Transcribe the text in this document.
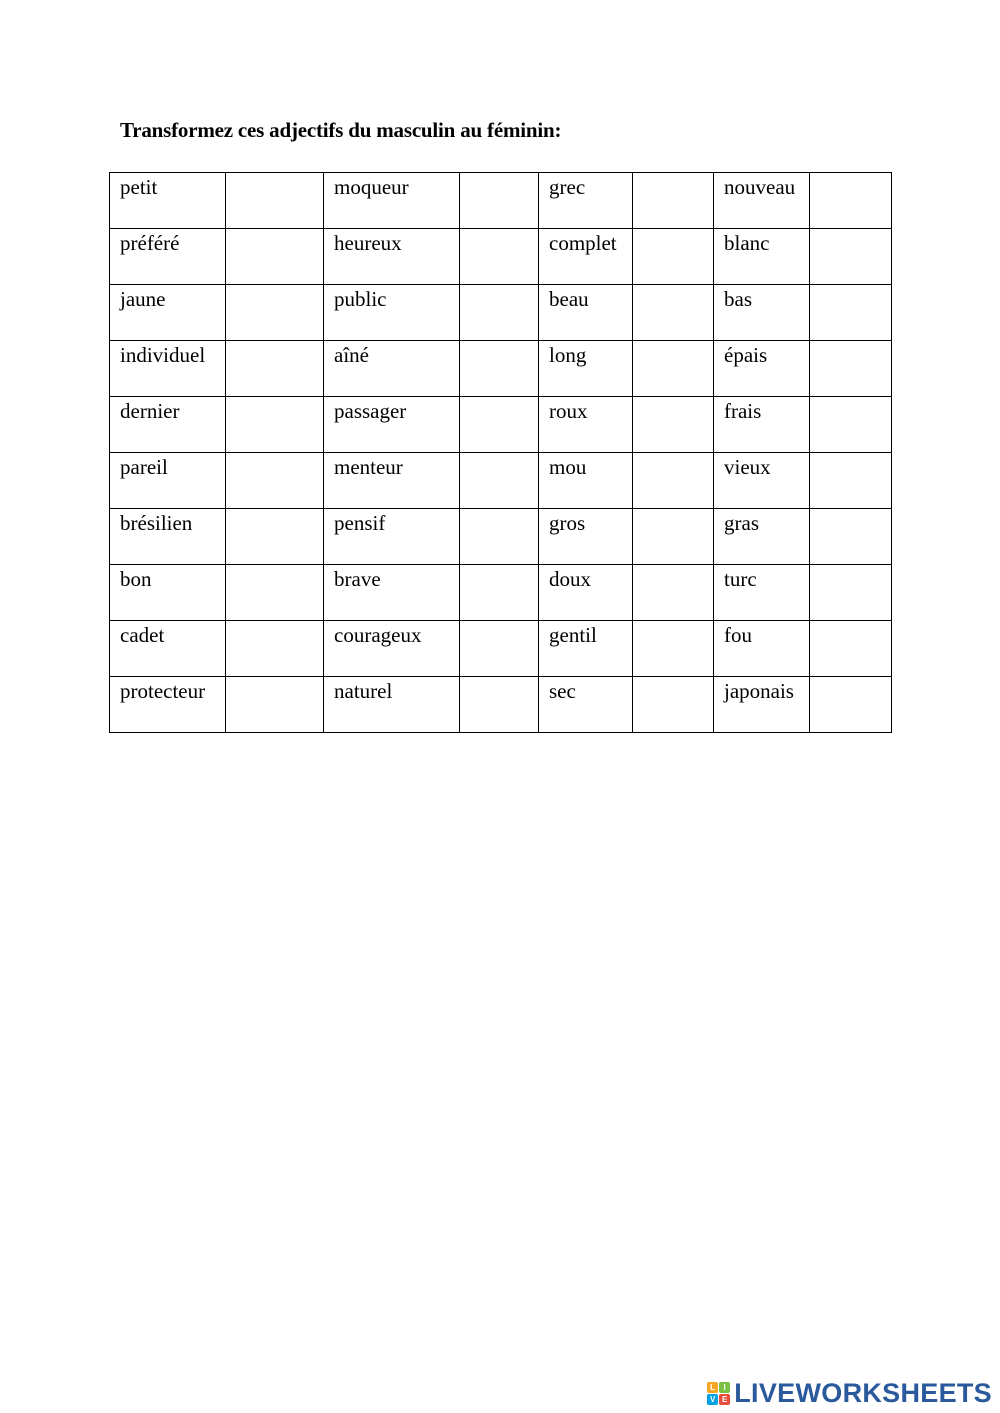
Transformez ces adjectifs du masculin au féminin:
petit		moqueur		grec		nouveau	
préféré		heureux		complet		blanc	
jaune		public		beau		bas	
individuel		aîné		long		épais	
dernier		passager		roux		frais	
pareil		menteur		mou		vieux	
brésilien		pensif		gros		gras	
bon		brave		doux		turc	
cadet		courageux		gentil		fou	
protecteur		naturel		sec		japonais	
L	I
V E LIVEWORKSHEETS
